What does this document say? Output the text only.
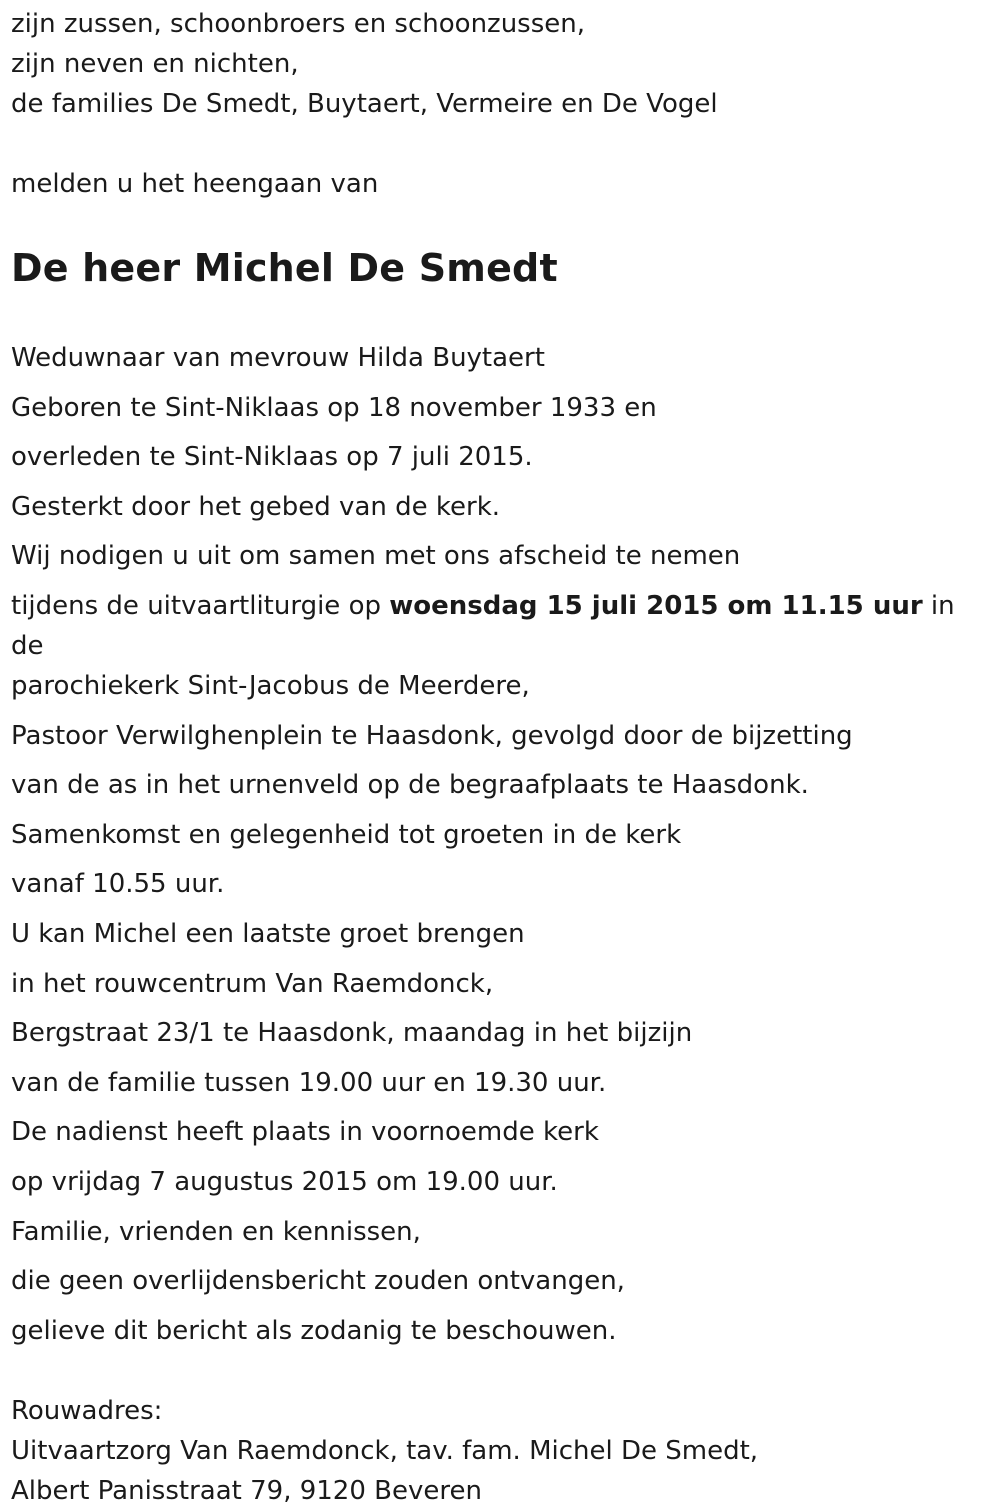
zijn zussen, schoonbroers en schoonzussen,
zijn neven en nichten,
de families De Smedt, Buytaert, Vermeire en De Vogel
melden u het heengaan van
De heer Michel De Smedt
Weduwnaar van mevrouw Hilda Buytaert
Geboren te Sint-Niklaas op 18 november 1933 en
overleden te Sint-Niklaas op 7 juli 2015.
Gesterkt door het gebed van de kerk.
Wij nodigen u uit om samen met ons afscheid te nemen
tijdens de uitvaartliturgie op woensdag 15 juli 2015 om 11.15 uur in de
parochiekerk Sint-Jacobus de Meerdere,
Pastoor Verwilghenplein te Haasdonk, gevolgd door de bijzetting
van de as in het urnenveld op de begraafplaats te Haasdonk.
Samenkomst en gelegenheid tot groeten in de kerk
vanaf 10.55 uur.
U kan Michel een laatste groet brengen
in het rouwcentrum Van Raemdonck,
Bergstraat 23/1 te Haasdonk, maandag in het bijzijn
van de familie tussen 19.00 uur en 19.30 uur.
De nadienst heeft plaats in voornoemde kerk
op vrijdag 7 augustus 2015 om 19.00 uur.
Familie, vrienden en kennissen,
die geen overlijdensbericht zouden ontvangen,
gelieve dit bericht als zodanig te beschouwen.
Rouwadres:
Uitvaartzorg Van Raemdonck, tav. fam. Michel De Smedt,
Albert Panisstraat 79, 9120 Beveren
